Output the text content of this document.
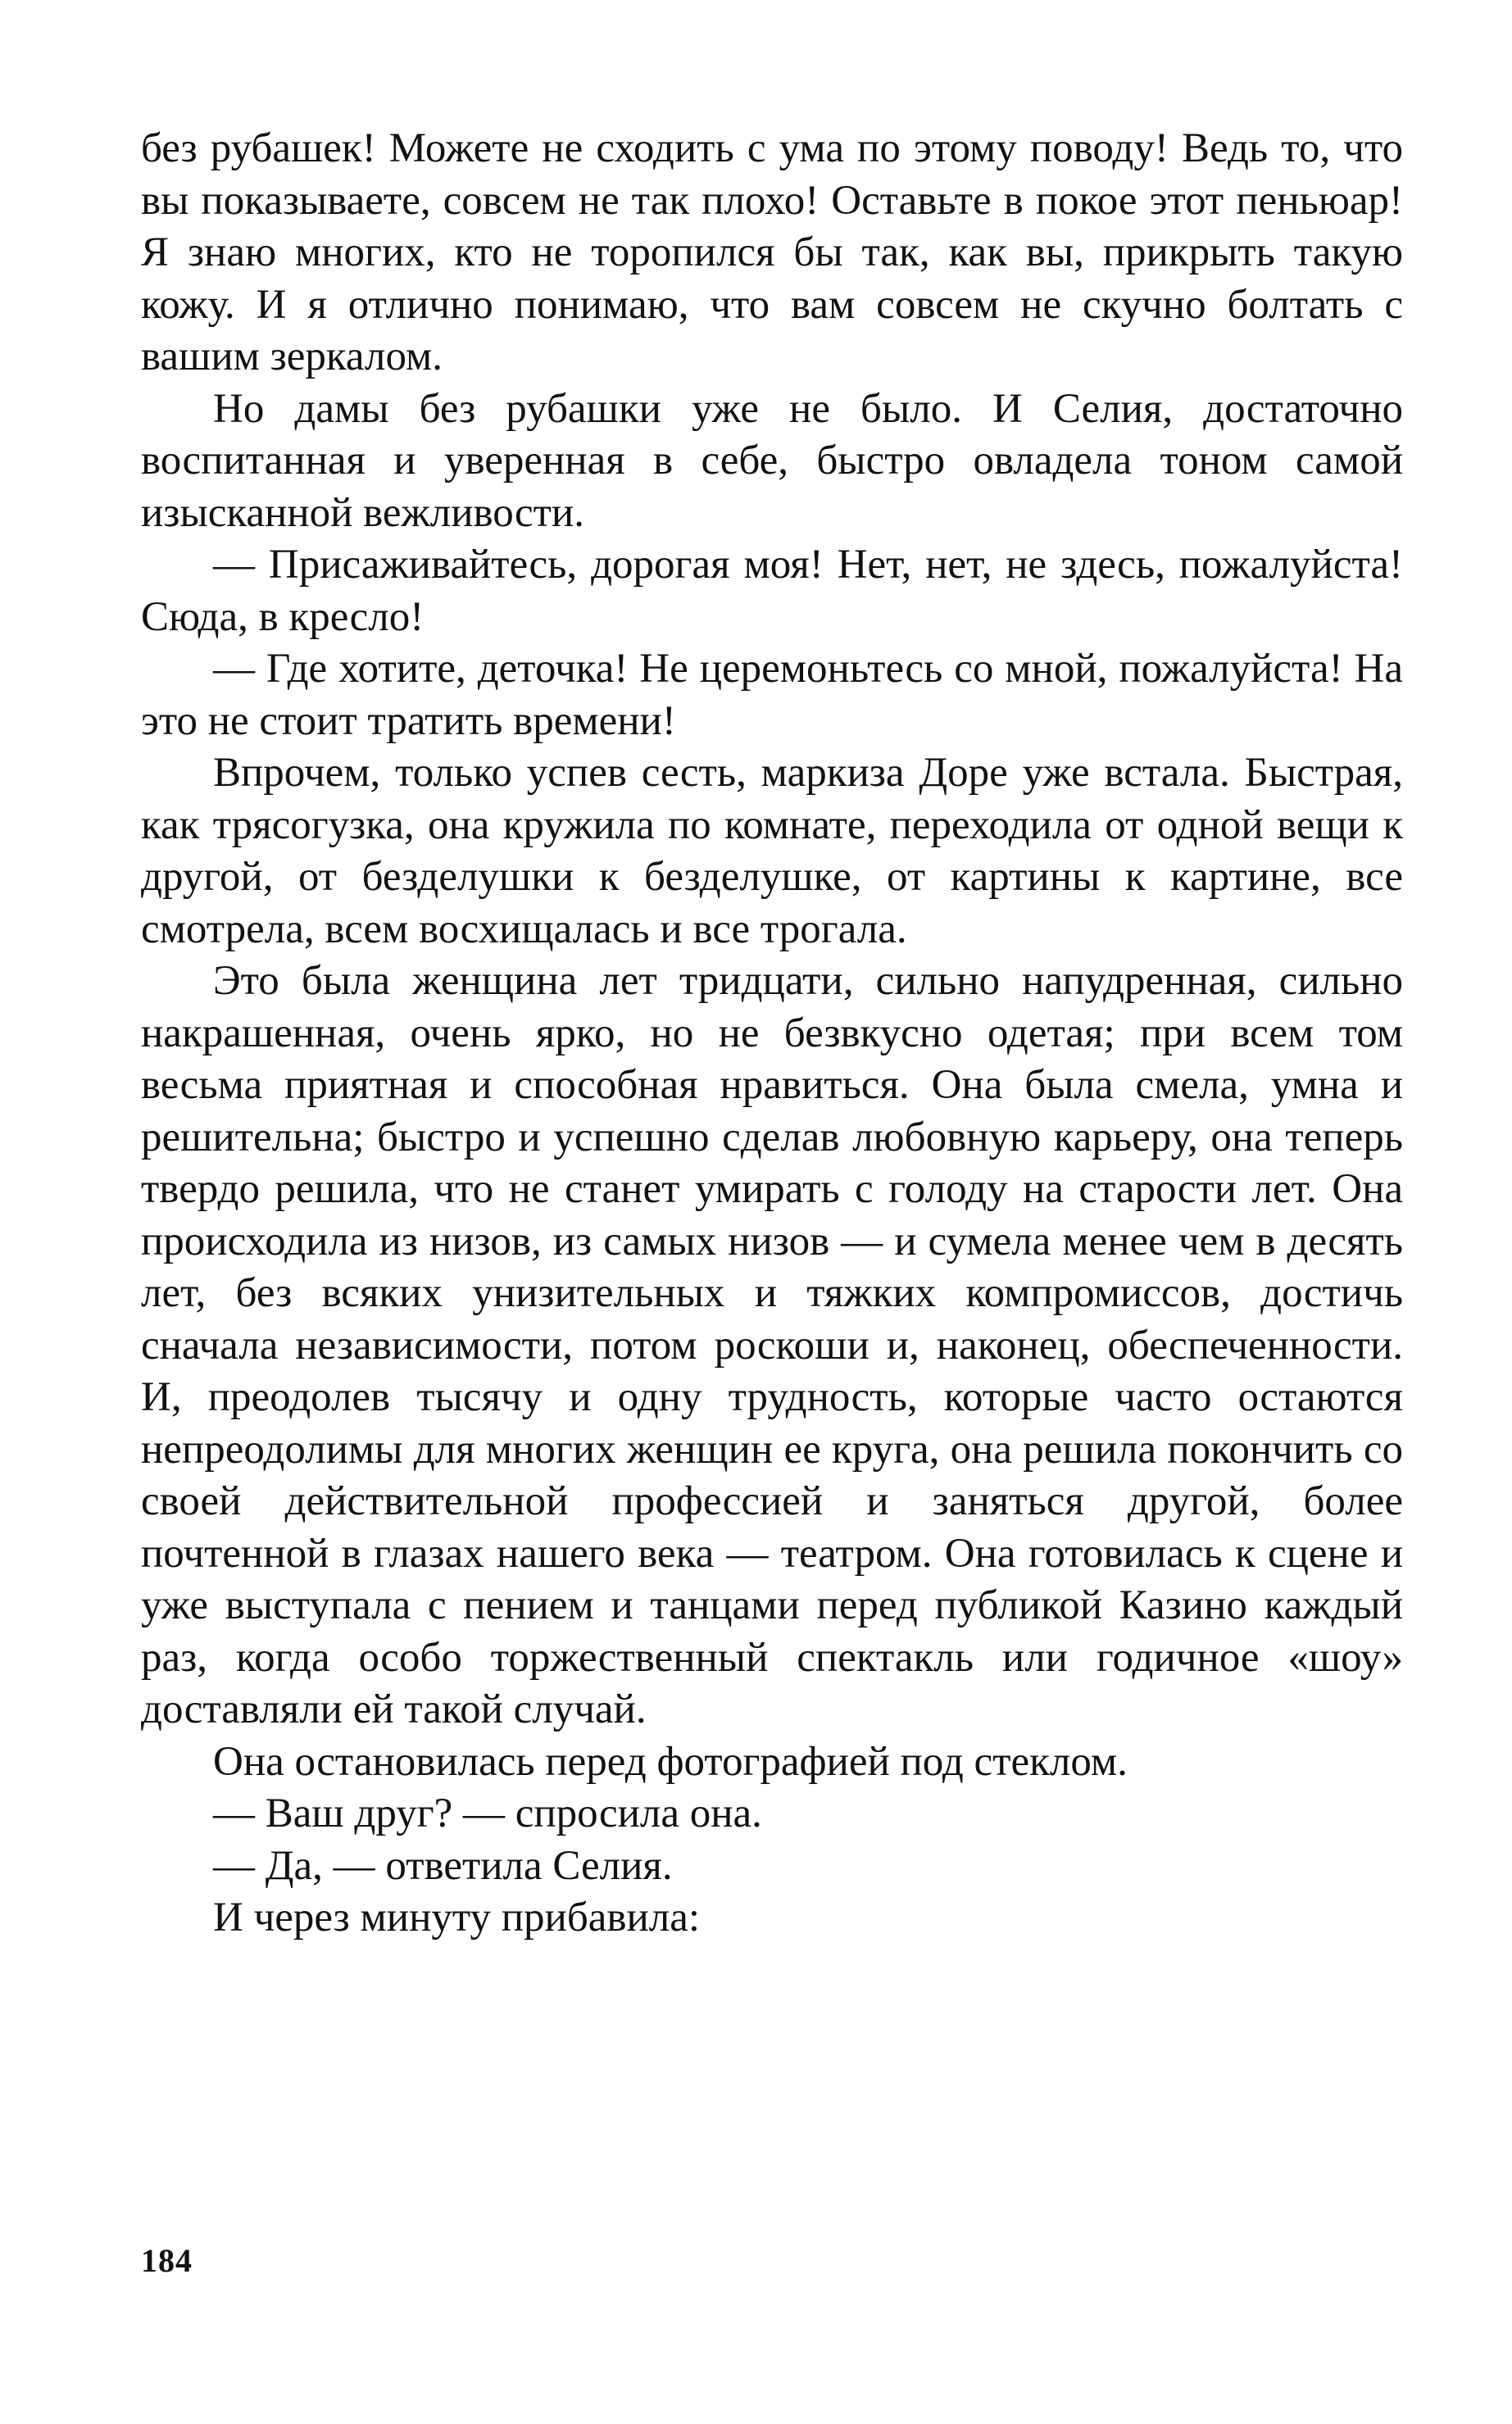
без рубашек! Можете не сходить с ума по этому поводу! Ведь то, что вы показываете, совсем не так плохо! Оставьте в покое этот пеньюар! Я знаю многих, кто не торопился бы так, как вы, прикрыть такую кожу. И я отлично понимаю, что вам совсем не скучно болтать с вашим зеркалом.

Но дамы без рубашки уже не было. И Селия, достаточно воспитанная и уверенная в себе, быстро овладела тоном самой изысканной вежливости.

— Присаживайтесь, дорогая моя! Нет, нет, не здесь, пожалуйста! Сюда, в кресло!

— Где хотите, деточка! Не церемоньтесь со мной, пожалуйста! На это не стоит тратить времени!

Впрочем, только успев сесть, маркиза Доре уже встала. Быстрая, как трясогузка, она кружила по комнате, переходила от одной вещи к другой, от безделушки к безделушке, от картины к картине, все смотрела, всем восхищалась и все трогала.

Это была женщина лет тридцати, сильно напудренная, сильно накрашенная, очень ярко, но не безвкусно одетая; при всем том весьма приятная и способная нравиться. Она была смела, умна и решительна; быстро и успешно сделав любовную карьеру, она теперь твердо решила, что не станет умирать с голоду на старости лет. Она происходила из низов, из самых низов — и сумела менее чем в десять лет, без всяких унизительных и тяжких компромиссов, достичь сначала независимости, потом роскоши и, наконец, обеспеченности. И, преодолев тысячу и одну трудность, которые часто остаются непреодолимы для многих женщин ее круга, она решила покончить со своей действительной профессией и заняться другой, более почтенной в глазах нашего века — театром. Она готовилась к сцене и уже выступала с пением и танцами перед публикой Казино каждый раз, когда особо торжественный спектакль или годичное «шоу» доставляли ей такой случай.

Она остановилась перед фотографией под стеклом.

— Ваш друг? — спросила она.

— Да, — ответила Селия.

И через минуту прибавила:

184
